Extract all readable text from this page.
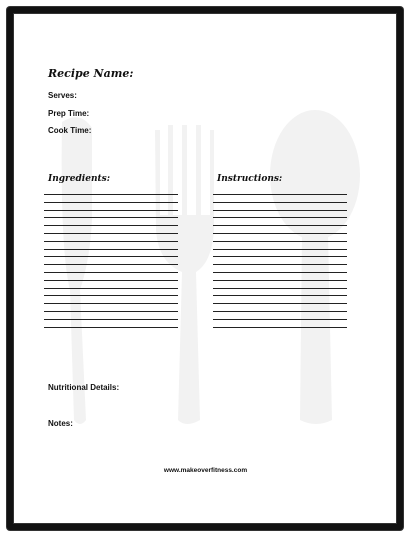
Recipe Name:
Serves:
Prep Time:
Cook Time:
Ingredients:	Instructions:
Nutritional Details:
Notes:
www.makeoverfitness.com
